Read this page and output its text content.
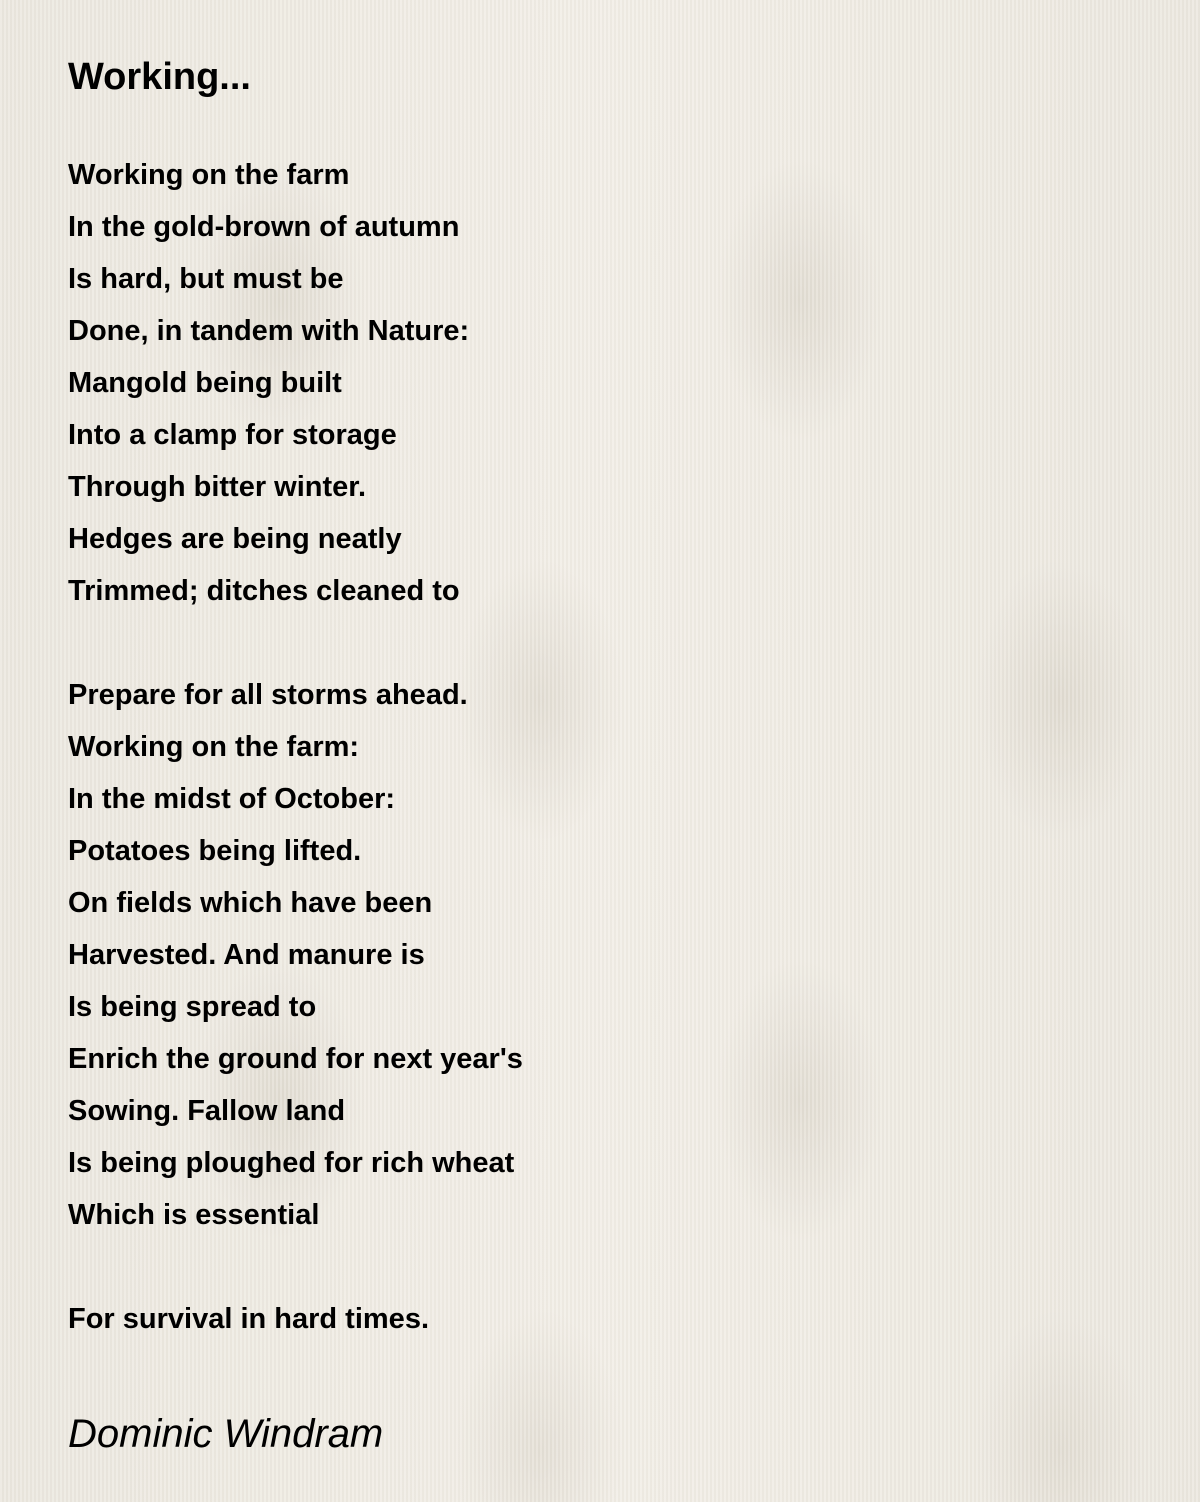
Working...
Working on the farm
In the gold-brown of autumn
Is hard, but must be
Done, in tandem with Nature:
Mangold being built
Into a clamp for storage
Through bitter winter.
Hedges are being neatly
Trimmed; ditches cleaned to
Prepare for all storms ahead.
Working on the farm:
In the midst of October:
Potatoes being lifted.
On fields which have been
Harvested. And manure is
Is being spread to
Enrich the ground for next year's
Sowing. Fallow land
Is being ploughed for rich wheat
Which is essential
For survival in hard times.
Dominic Windram
